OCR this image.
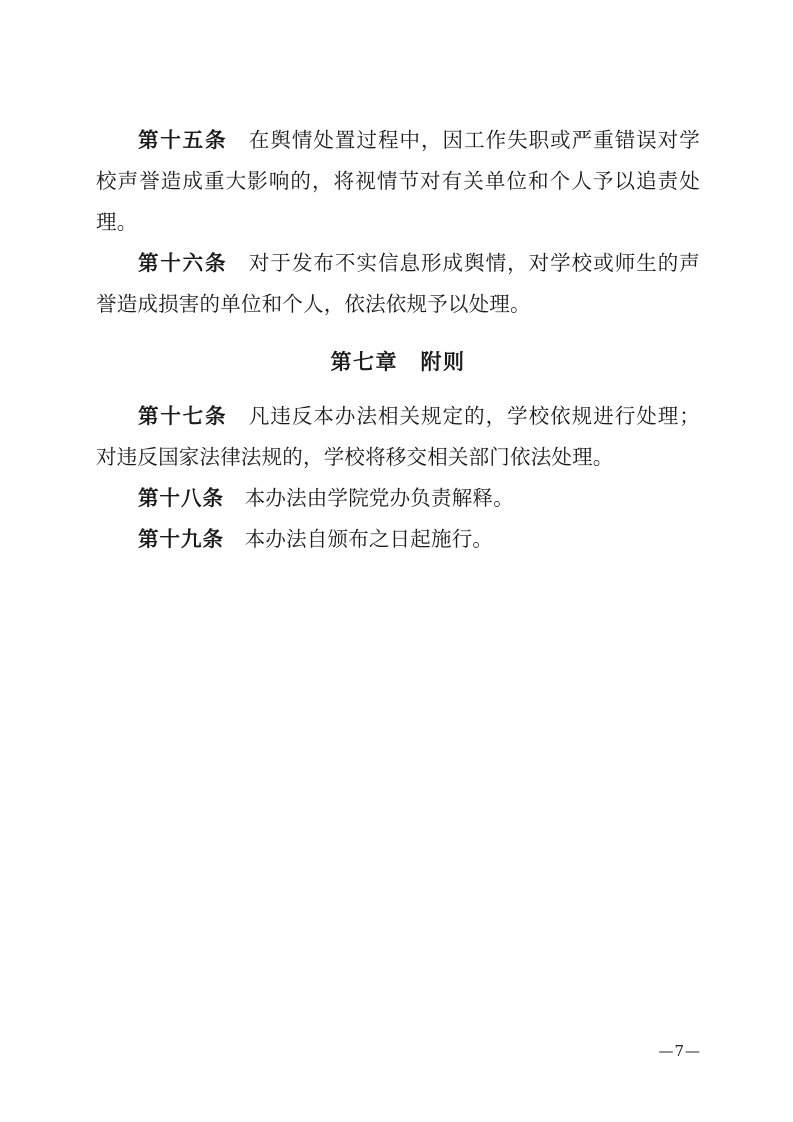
第十五条　 在舆情处置过程中，因工作失职或严重错误对学校声誉造成重大影响的，将视情节对有关单位和个人予以追责处理。

第十六条　 对于发布不实信息形成舆情，对学校或师生的声誉造成损害的单位和个人，依法依规予以处理。

第七章　附则

第十七条　 凡违反本办法相关规定的，学校依规进行处理；对违反国家法律法规的，学校将移交相关部门依法处理。

第十八条　 本办法由学院党办负责解释。

第十九条　 本办法自颁布之日起施行。

—7—
